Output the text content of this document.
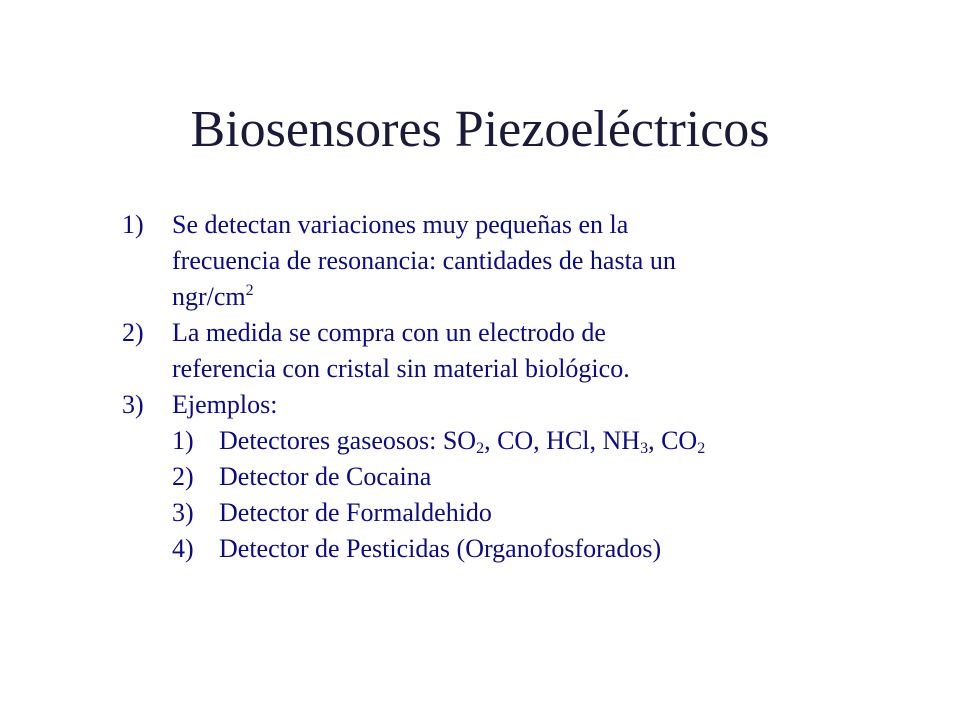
Biosensores Piezoeléctricos
1)	Se detectan variaciones muy pequeñas en la
frecuencia de resonancia: cantidades de hasta un
ngr/$cm^2$
2)	La medida se compra con un electrodo de
referencia con cristal sin material biológico.
3)	Ejemplos:
1) Detectores gaseosos: $SO_2$, CO, HCl, $NH_3$, $CO_2$
2) Detector de Cocaina
3) Detector de Formaldehido
4) Detector de Pesticidas (Organofosforados)
